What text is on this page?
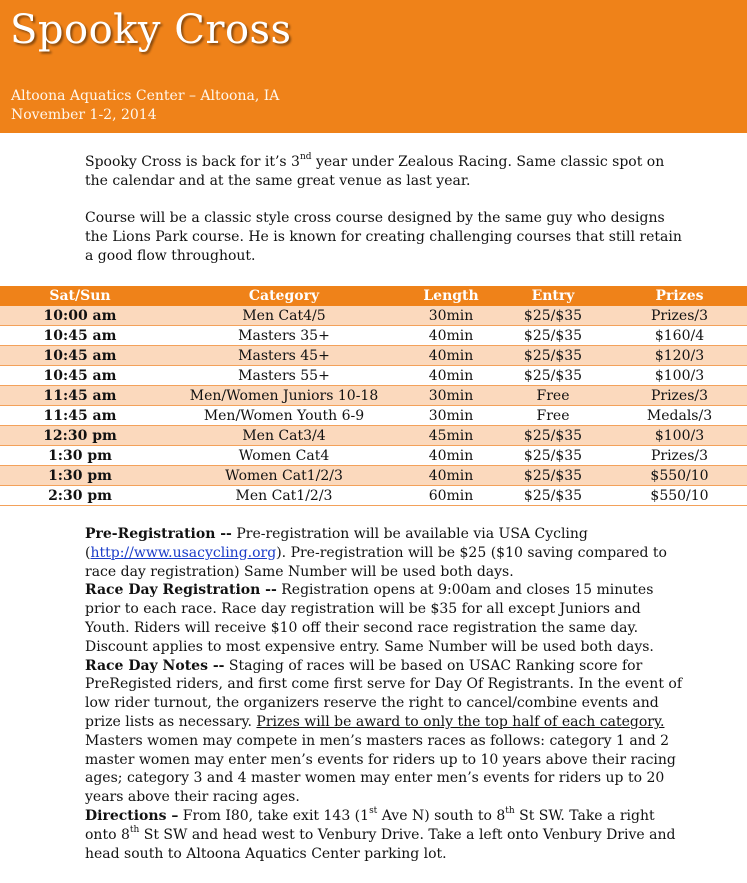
Spooky Cross
Altoona Aquatics Center – Altoona, IA
November 1-2, 2014

Spooky Cross is back for it’s 3nd year under Zealous Racing. Same classic spot on the calendar and at the same great venue as last year.

Course will be a classic style cross course designed by the same guy who designs the Lions Park course. He is known for creating challenging courses that still retain a good flow throughout.

Sat/Sun	Category	Length	Entry	Prizes
10:00 am	Men Cat4/5	30min	$25/$35	Prizes/3
10:45 am	Masters 35+	40min	$25/$35	$160/4
10:45 am	Masters 45+	40min	$25/$35	$120/3
10:45 am	Masters 55+	40min	$25/$35	$100/3
11:45 am	Men/Women Juniors 10-18	30min	Free	Prizes/3
11:45 am	Men/Women Youth 6-9	30min	Free	Medals/3
12:30 pm	Men Cat3/4	45min	$25/$35	$100/3
1:30 pm	Women Cat4	40min	$25/$35	Prizes/3
1:30 pm	Women Cat1/2/3	40min	$25/$35	$550/10
2:30 pm	Men Cat1/2/3	60min	$25/$35	$550/10

Pre-Registration -- Pre-registration will be available via USA Cycling (http://www.usacycling.org). Pre-registration will be $25 ($10 saving compared to race day registration) Same Number will be used both days.

Race Day Registration -- Registration opens at 9:00am and closes 15 minutes prior to each race. Race day registration will be $35 for all except Juniors and Youth. Riders will receive $10 off their second race registration the same day. Discount applies to most expensive entry. Same Number will be used both days.

Race Day Notes -- Staging of races will be based on USAC Ranking score for PreRegisted riders, and first come first serve for Day Of Registrants. In the event of low rider turnout, the organizers reserve the right to cancel/combine events and prize lists as necessary. Prizes will be award to only the top half of each category. Masters women may compete in men’s masters races as follows: category 1 and 2 master women may enter men’s events for riders up to 10 years above their racing ages; category 3 and 4 master women may enter men’s events for riders up to 20 years above their racing ages.

Directions – From I80, take exit 143 (1st Ave N) south to 8th St SW. Take a right onto 8th St SW and head west to Venbury Drive. Take a left onto Venbury Drive and head south to Altoona Aquatics Center parking lot.
